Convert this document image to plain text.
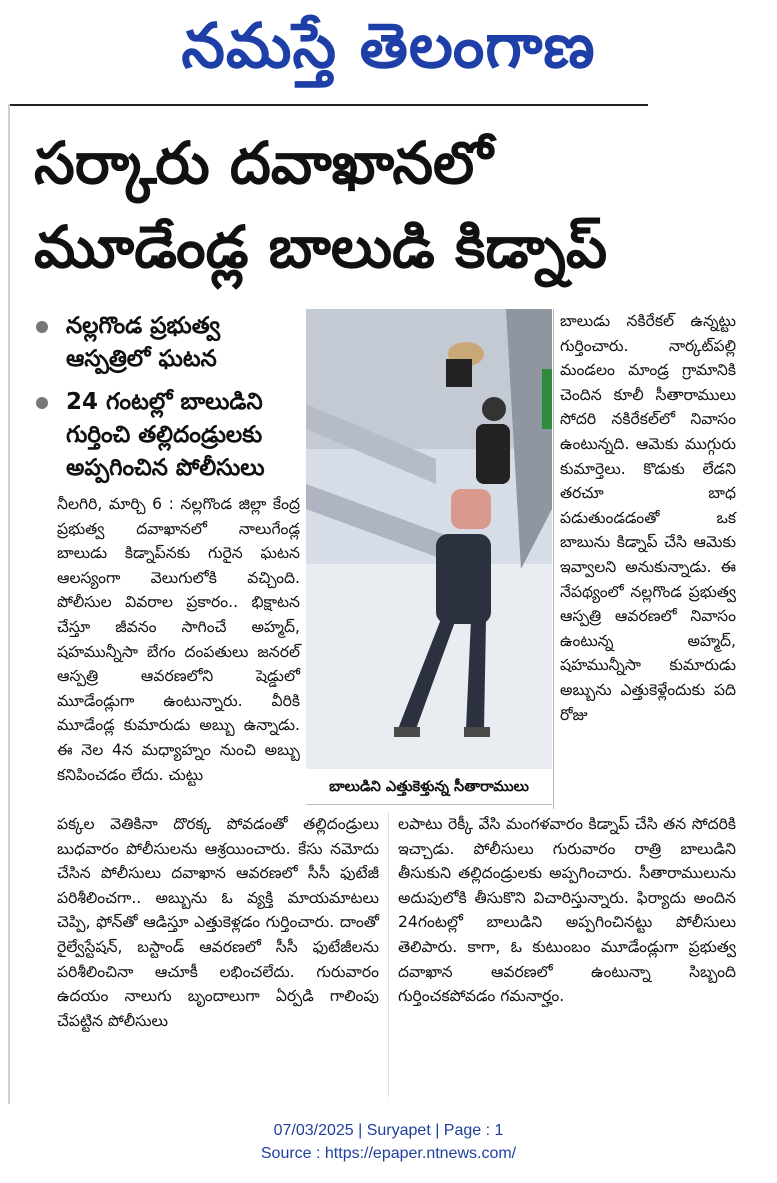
నమస్తే తెలంగాణ
సర్కారు దవాఖానలో
మూడేండ్ల బాలుడి కిడ్నాప్
నల్లగొండ ప్రభుత్వ ఆస్పత్రిలో ఘటన
24 గంటల్లో బాలుడిని గుర్తించి తల్లిదండ్రులకు అప్పగించిన పోలీసులు
నీలగిరి, మార్చి 6 : నల్లగొండ జిల్లా కేంద్ర ప్రభుత్వ దవాఖానలో నాలుగేండ్ల బాలుడు కిడ్నాప్‌నకు గురైన ఘటన ఆలస్యంగా వెలుగులోకి వచ్చింది. పోలీసుల వివరాల ప్రకారం.. భిక్షాటన చేస్తూ జీవనం సాగించే అహ్మద్, షహమున్నీసా బేగం దంపతులు జనరల్ ఆస్పత్రి ఆవరణలోని షెడ్డులో మూడేండ్లుగా ఉంటున్నారు. వీరికి మూడేండ్ల కుమారుడు అబ్బు ఉన్నాడు. ఈ నెల 4న మధ్యాహ్నం నుంచి అబ్బు కనిపించడం లేదు. చుట్టు
బాలుడిని ఎత్తుకెళ్తున్న సీతారాములు
బాలుడు నకిరేకల్ ఉన్నట్టు గుర్తించారు. నార్కట్‌పల్లి మండలం మాండ్ర గ్రామానికి చెందిన కూలీ సీతారాములు సోదరి నకిరేకల్‌లో నివాసం ఉంటున్నది. ఆమెకు ముగ్గురు కుమార్తెలు. కొడుకు లేడని తరచూ బాధ పడుతుండడంతో ఒక బాబును కిడ్నాప్ చేసి ఆమెకు ఇవ్వాలని అనుకున్నాడు. ఈ నేపథ్యంలో నల్లగొండ ప్రభుత్వ ఆస్పత్రి ఆవరణలో నివాసం ఉంటున్న అహ్మద్, షహమున్నీసా కుమారుడు అబ్బును ఎత్తుకెళ్లేందుకు పది రోజు
పక్కల వెతికినా దొరక్క పోవడంతో తల్లిదండ్రులు బుధవారం పోలీసులను ఆశ్రయించారు. కేసు నమోదు చేసిన పోలీసులు దవాఖాన ఆవరణలో సీసీ ఫుటేజీ పరిశీలించగా.. అబ్బును ఓ వ్యక్తి మాయమాటలు చెప్పి, ఫోన్‌తో ఆడిస్తూ ఎత్తుకెళ్లడం గుర్తించారు. దాంతో రైల్వేస్టేషన్, బస్టాండ్ ఆవరణలో సీసీ ఫుటేజీలను పరిశీలించినా ఆచూకీ లభించలేదు. గురువారం ఉదయం నాలుగు బృందాలుగా ఏర్పడి గాలింపు చేపట్టిన పోలీసులు
లపాటు రెక్కీ వేసి మంగళవారం కిడ్నాప్ చేసి తన సోదరికి ఇచ్చాడు. పోలీసులు గురువారం రాత్రి బాలుడిని తీసుకుని తల్లిదండ్రులకు అప్పగించారు. సీతారాములును అదుపులోకి తీసుకొని విచారిస్తున్నారు. ఫిర్యాదు అందిన 24గంటల్లో బాలుడిని అప్పగించినట్టు పోలీసులు తెలిపారు. కాగా, ఓ కుటుంబం మూడేండ్లుగా ప్రభుత్వ దవాఖాన ఆవరణలో ఉంటున్నా సిబ్బంది గుర్తించకపోవడం గమనార్హం.
07/03/2025 | Suryapet | Page : 1
Source : https://epaper.ntnews.com/
